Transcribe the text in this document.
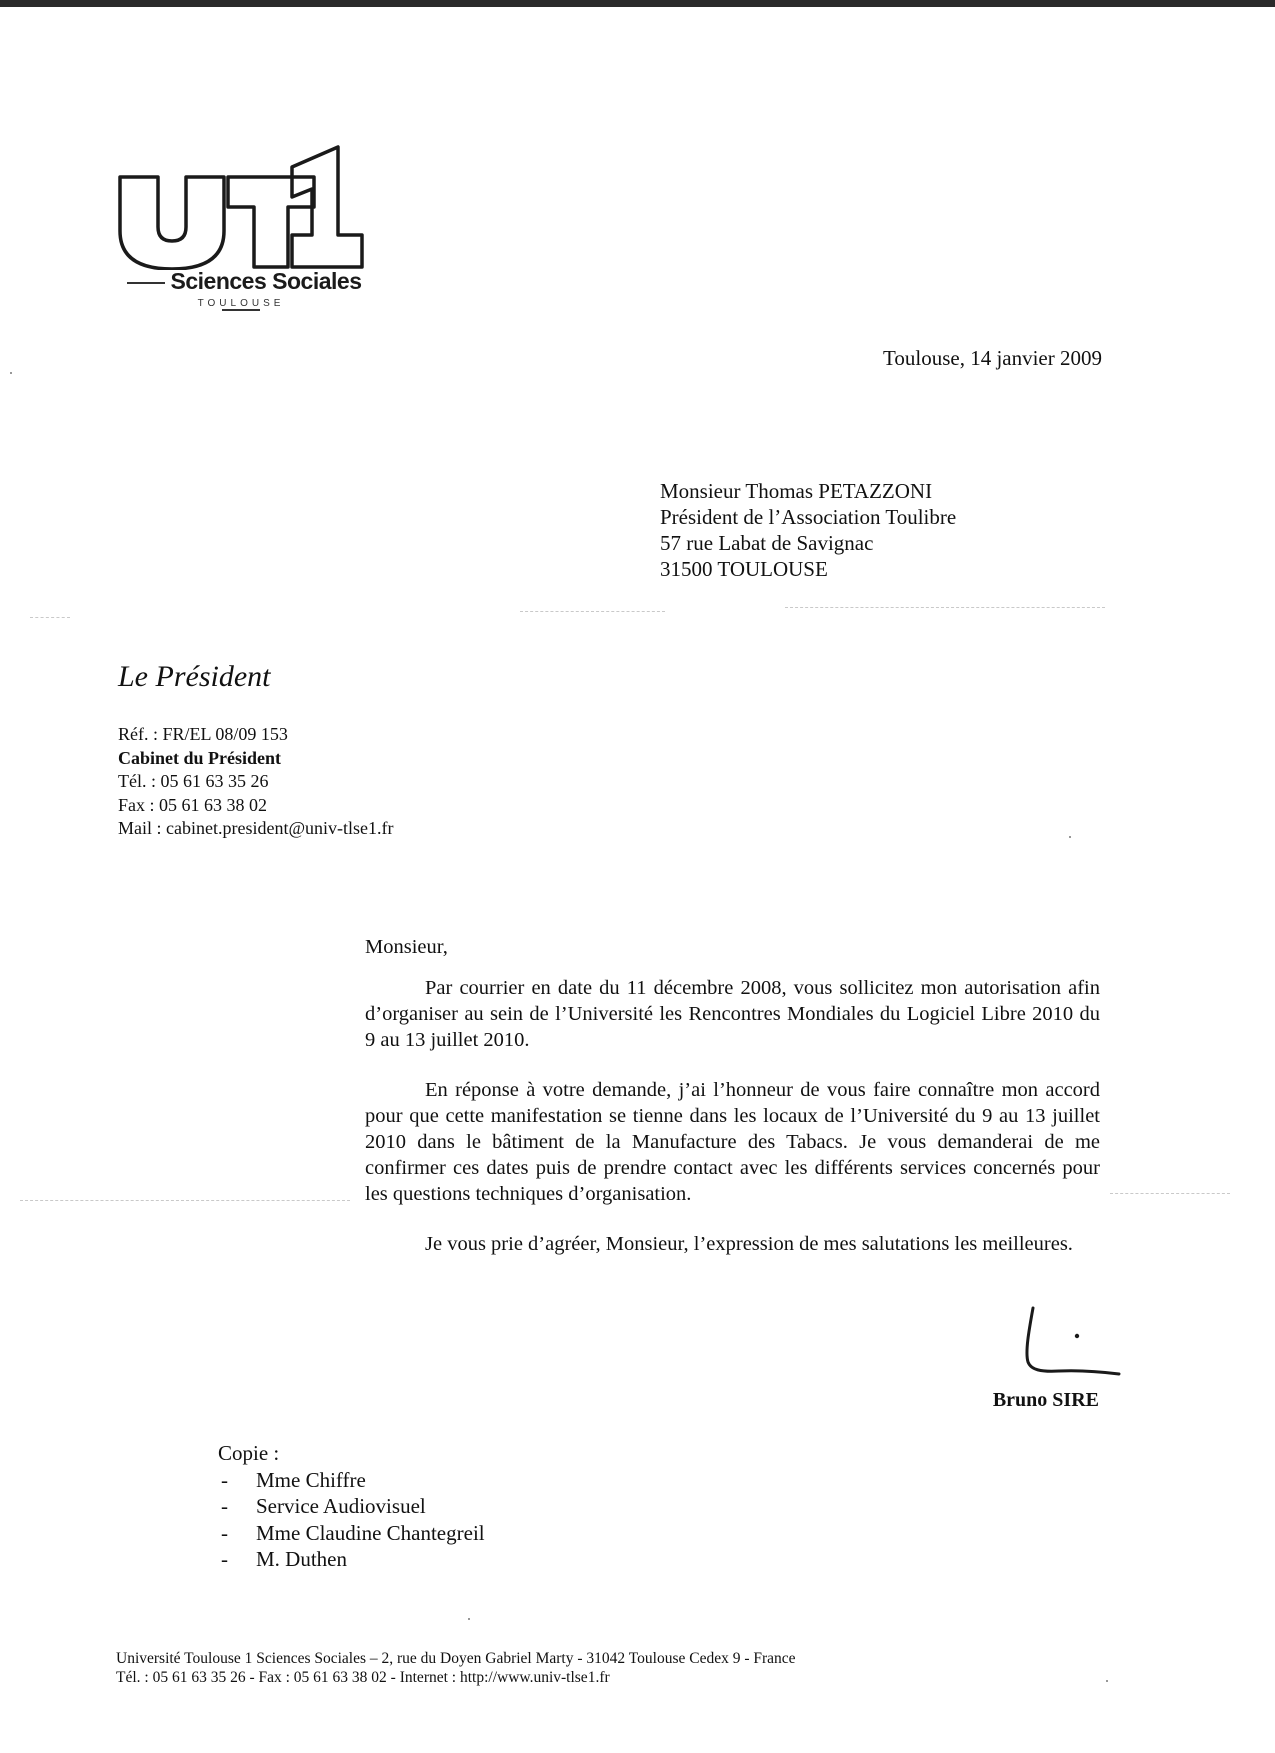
Sciences Sociales
TOULOUSE
Toulouse, 14 janvier 2009
Monsieur Thomas PETAZZONI
Président de l’Association Toulibre
57 rue Labat de Savignac
31500 TOULOUSE
Le Président
Réf. : FR/EL 08/09 153
Cabinet du Président
Tél. : 05 61 63 35 26
Fax : 05 61 63 38 02
Mail : cabinet.president@univ-tlse1.fr

Monsieur,

Par courrier en date du 11 décembre 2008, vous sollicitez mon autorisation afin d’organiser au sein de l’Université les Rencontres Mondiales du Logiciel Libre 2010 du 9 au 13 juillet 2010.

En réponse à votre demande, j’ai l’honneur de vous faire connaître mon accord pour que cette manifestation se tienne dans les locaux de l’Université du 9 au 13 juillet 2010 dans le bâtiment de la Manufacture des Tabacs. Je vous demanderai de me confirmer ces dates puis de prendre contact avec les différents services concernés pour les questions techniques d’organisation.

Je vous prie d’agréer, Monsieur, l’expression de mes salutations les meilleures.

Bruno SIRE
Copie :
- Mme Chiffre
- Service Audiovisuel
- Mme Claudine Chantegreil
- M. Duthen
Université Toulouse 1 Sciences Sociales – 2, rue du Doyen Gabriel Marty - 31042 Toulouse Cedex 9 - France
Tél. : 05 61 63 35 26 - Fax : 05 61 63 38 02 - Internet : http://www.univ-tlse1.fr
